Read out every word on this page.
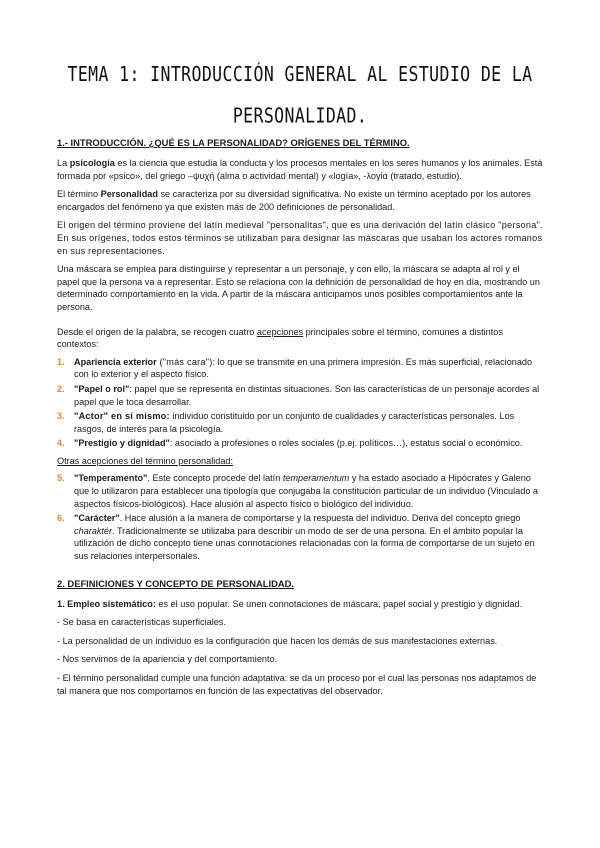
TEMA 1: INTRODUCCIÓN GENERAL AL ESTUDIO DE LA
PERSONALIDAD.

1.- INTRODUCCIÓN. ¿QUÉ ES LA PERSONALIDAD? ORÍGENES DEL TÉRMINO.

La psicología es la ciencia que estudia la conducta y los procesos mentales en los seres humanos y los animales. Está formada por «psico», del griego ‒ψυχή (alma o actividad mental) y «logía», -λογία (tratado, estudio).

El término Personalidad se caracteriza por su diversidad significativa. No existe un término aceptado por los autores encargados del fenómeno ya que existen más de 200 definiciones de personalidad.

El origen del término proviene del latín medieval "personalitas", que es una derivación del latín clásico "persona". En sus orígenes, todos estos términos se utilizaban para designar las máscaras que usaban los actores romanos en sus representaciones.

Una máscara se emplea para distinguirse y representar a un personaje, y con ello, la máscara se adapta al rol y el papel que la persona va a representar. Esto se relaciona con la definición de personalidad de hoy en día, mostrando un determinado comportamiento en la vida. A partir de la máscara anticipamos unos posibles comportamientos ante la persona.

Desde el origen de la palabra, se recogen cuatro acepciones principales sobre el término, comunes a distintos contextos:

1. Apariencia exterior ("más cara"): lo que se transmite en una primera impresión. Es más superficial, relacionado con lo exterior y el aspecto físico.
2. "Papel o rol": papel que se representa en distintas situaciones. Son las características de un personaje acordes al papel que le toca desarrollar.
3. "Actor" en sí mismo: individuo constituido por un conjunto de cualidades y características personales. Los rasgos, de interés para la psicología.
4. "Prestigio y dignidad": asociado a profesiones o roles sociales (p.ej. políticos…), estatus social o económico.

Otras acepciones del término personalidad:

5. "Temperamento". Este concepto procede del latín temperamentum y ha estado asociado a Hipócrates y Galeno que lo utilizaron para establecer una tipología que conjugaba la constitución particular de un individuo (Vinculado a aspectos físicos-biológicos). Hace alusión al aspecto físico o biológico del individuo.
6. "Carácter". Hace alusión a la manera de comportarse y la respuesta del individuo. Deriva del concepto griego charaktér. Tradicionalmente se utilizaba para describir un modo de ser de una persona. En el ámbito popular la utilización de dicho concepto tiene unas connotaciones relacionadas con la forma de comportarse de un sujeto en sus relaciones interpersonales.

2. DEFINICIONES Y CONCEPTO DE PERSONALIDAD.

1. Empleo sistemático: es el uso popular. Se unen connotaciones de máscara, papel social y prestigio y dignidad.

- Se basa en características superficiales.

- La personalidad de un individuo es la configuración que hacen los demás de sus manifestaciones externas.

- Nos servimos de la apariencia y del comportamiento.

- El término personalidad cumple una función adaptativa: se da un proceso por el cual las personas nos adaptamos de tal manera que nos comportamos en función de las expectativas del observador.
